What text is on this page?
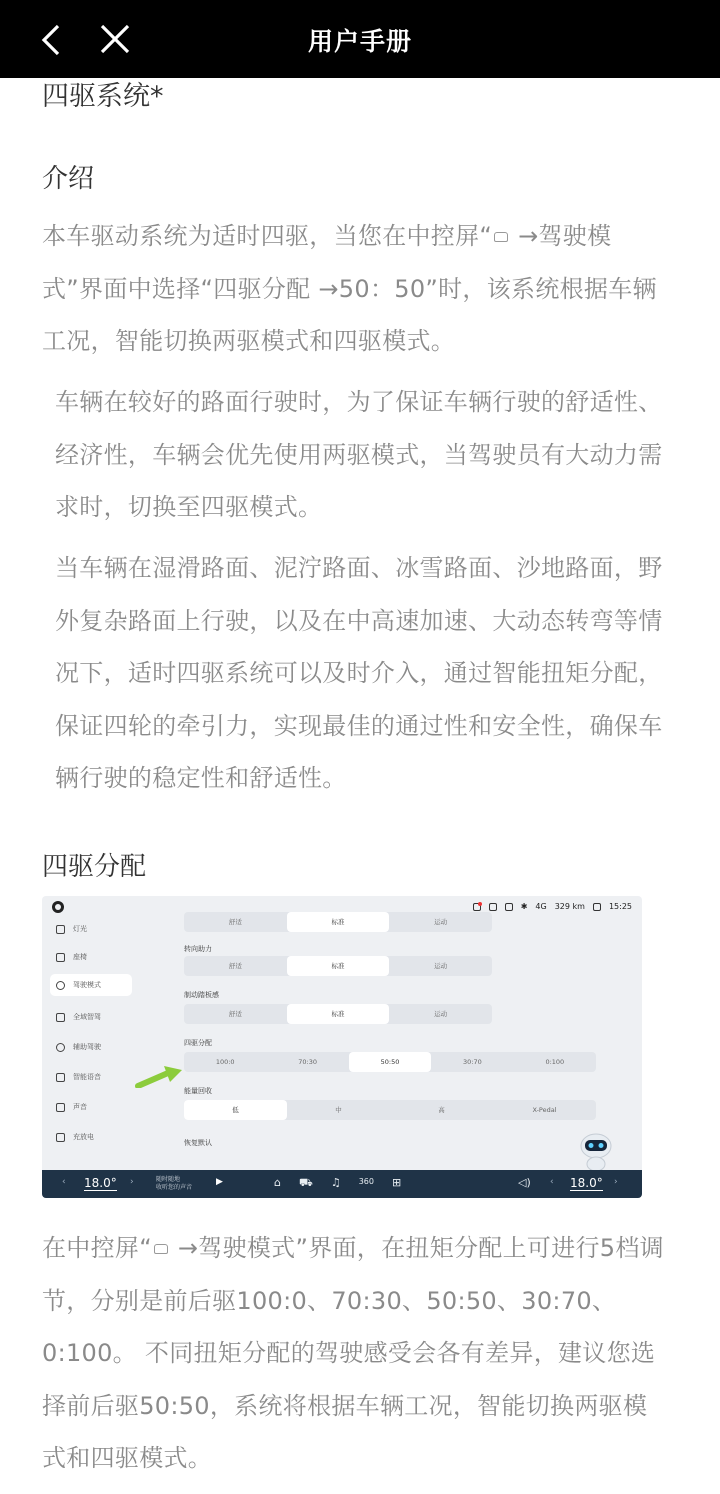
用户手册
四驱系统*
介绍
本车驱动系统为适时四驱，当您在中控屏“ →驾驶模
式”界面中选择“四驱分配 →50：50”时，该系统根据车辆
工况，智能切换两驱模式和四驱模式。
车辆在较好的路面行驶时，为了保证车辆行驶的舒适性、
经济性，车辆会优先使用两驱模式，当驾驶员有大动力需
求时，切换至四驱模式。
当车辆在湿滑路面、泥泞路面、冰雪路面、沙地路面，野
外复杂路面上行驶，以及在中高速加速、大动态转弯等情
况下，适时四驱系统可以及时介入，通过智能扭矩分配，
保证四轮的牵引力，实现最佳的通过性和安全性，确保车
辆行驶的稳定性和舒适性。
四驱分配
✱ 4G 329 km	15:25
灯光
座椅
驾驶模式
全域智驾
辅助驾驶
智能语音
声音
充放电
舒适	标准	运动
转向助力
舒适	标准	运动
制动踏板感
舒适	标准	运动
四驱分配
100:0	70:30	50:50	30:70	0:100
能量回收
低	中	高	X-Pedal
恢复默认
‹ 18.0° ›	随时随地
收听您的声音
▶	⌂ ⛟ ♫ 360 ⊞	◁) ‹ 18.0° ›
在中控屏“ →驾驶模式”界面，在扭矩分配上可进行5档调
节，分别是前后驱100:0、70:30、50:50、30:70、
0:100。 不同扭矩分配的驾驶感受会各有差异，建议您选
择前后驱50:50，系统将根据车辆工况，智能切换两驱模
式和四驱模式。
